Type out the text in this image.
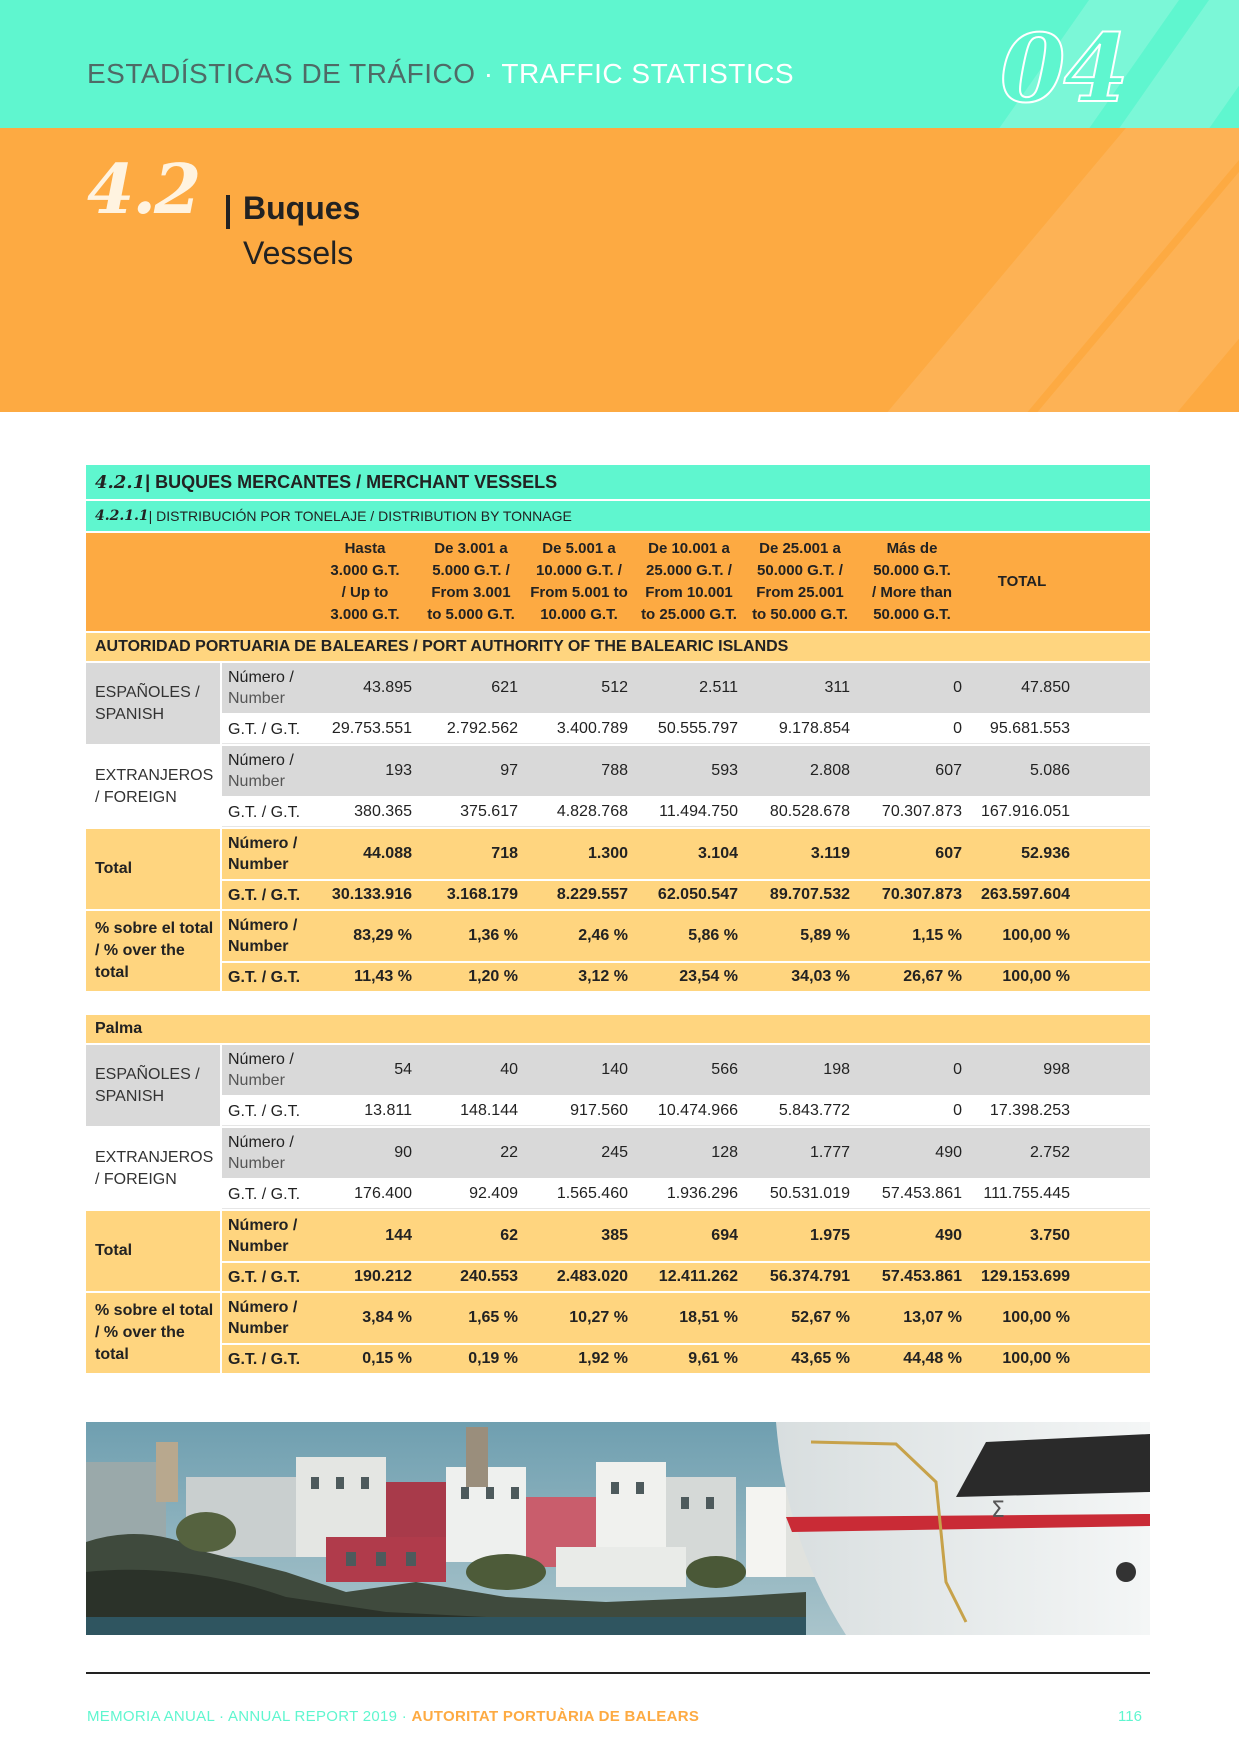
ESTADÍSTICAS DE TRÁFICO · TRAFFIC STATISTICS 04
4.2 Buques
Vessels
4.2.1 | BUQUES MERCANTES / MERCHANT VESSELS
4.2.1.1 | DISTRIBUCIÓN POR TONELAJE / DISTRIBUTION BY TONNAGE
Hasta
3.000 G.T.
/ Up to
3.000 G.T.
De 3.001 a
5.000 G.T. /
From 3.001
to 5.000 G.T.
De 5.001 a
10.000 G.T. /
From 5.001 to
10.000 G.T.
De 10.001 a
25.000 G.T. /
From 10.001
to 25.000 G.T.
De 25.001 a
50.000 G.T. /
From 25.001
to 50.000 G.T.
Más de
50.000 G.T.
/ More than
50.000 G.T.
TOTAL
AUTORIDAD PORTUARIA DE BALEARES / PORT AUTHORITY OF THE BALEARIC ISLANDS
ESPAÑOLES /
SPANISH
Número /
Number
43.895	621	512	2.511	311	0	47.850
G.T. / G.T.	29.753.551	2.792.562	3.400.789	50.555.797	9.178.854	0	95.681.553
EXTRANJEROS
/ FOREIGN
Número /
Number
193	97	788	593	2.808	607	5.086
G.T. / G.T.	380.365	375.617	4.828.768	11.494.750	80.528.678	70.307.873	167.916.051
Total
Número /
Number
44.088	718	1.300	3.104	3.119	607	52.936
G.T. / G.T.	30.133.916	3.168.179	8.229.557	62.050.547	89.707.532	70.307.873	263.597.604
% sobre el total / % over the total
Número /
Number
83,29 %	1,36 %	2,46 %	5,86 %	5,89 %	1,15 %	100,00 %
G.T. / G.T.	11,43 %	1,20 %	3,12 %	23,54 %	34,03 %	26,67 %	100,00 %
Palma
ESPAÑOLES /
SPANISH
Número /
Number
54	40	140	566	198	0	998
G.T. / G.T.	13.811	148.144	917.560	10.474.966	5.843.772	0	17.398.253
EXTRANJEROS
/ FOREIGN
Número /
Number
90	22	245	128	1.777	490	2.752
G.T. / G.T.	176.400	92.409	1.565.460	1.936.296	50.531.019	57.453.861	111.755.445
Total
Número /
Number
144	62	385	694	1.975	490	3.750
G.T. / G.T.	190.212	240.553	2.483.020	12.411.262	56.374.791	57.453.861	129.153.699
% sobre el total / % over the total
Número /
Number
3,84 %	1,65 %	10,27 %	18,51 %	52,67 %	13,07 %	100,00 %
G.T. / G.T.	0,15 %	0,19 %	1,92 %	9,61 %	43,65 %	44,48 %	100,00 %
Σ
MEMORIA ANUAL · ANNUAL REPORT 2019 · AUTORITAT PORTUÀRIA DE BALEARS	116
